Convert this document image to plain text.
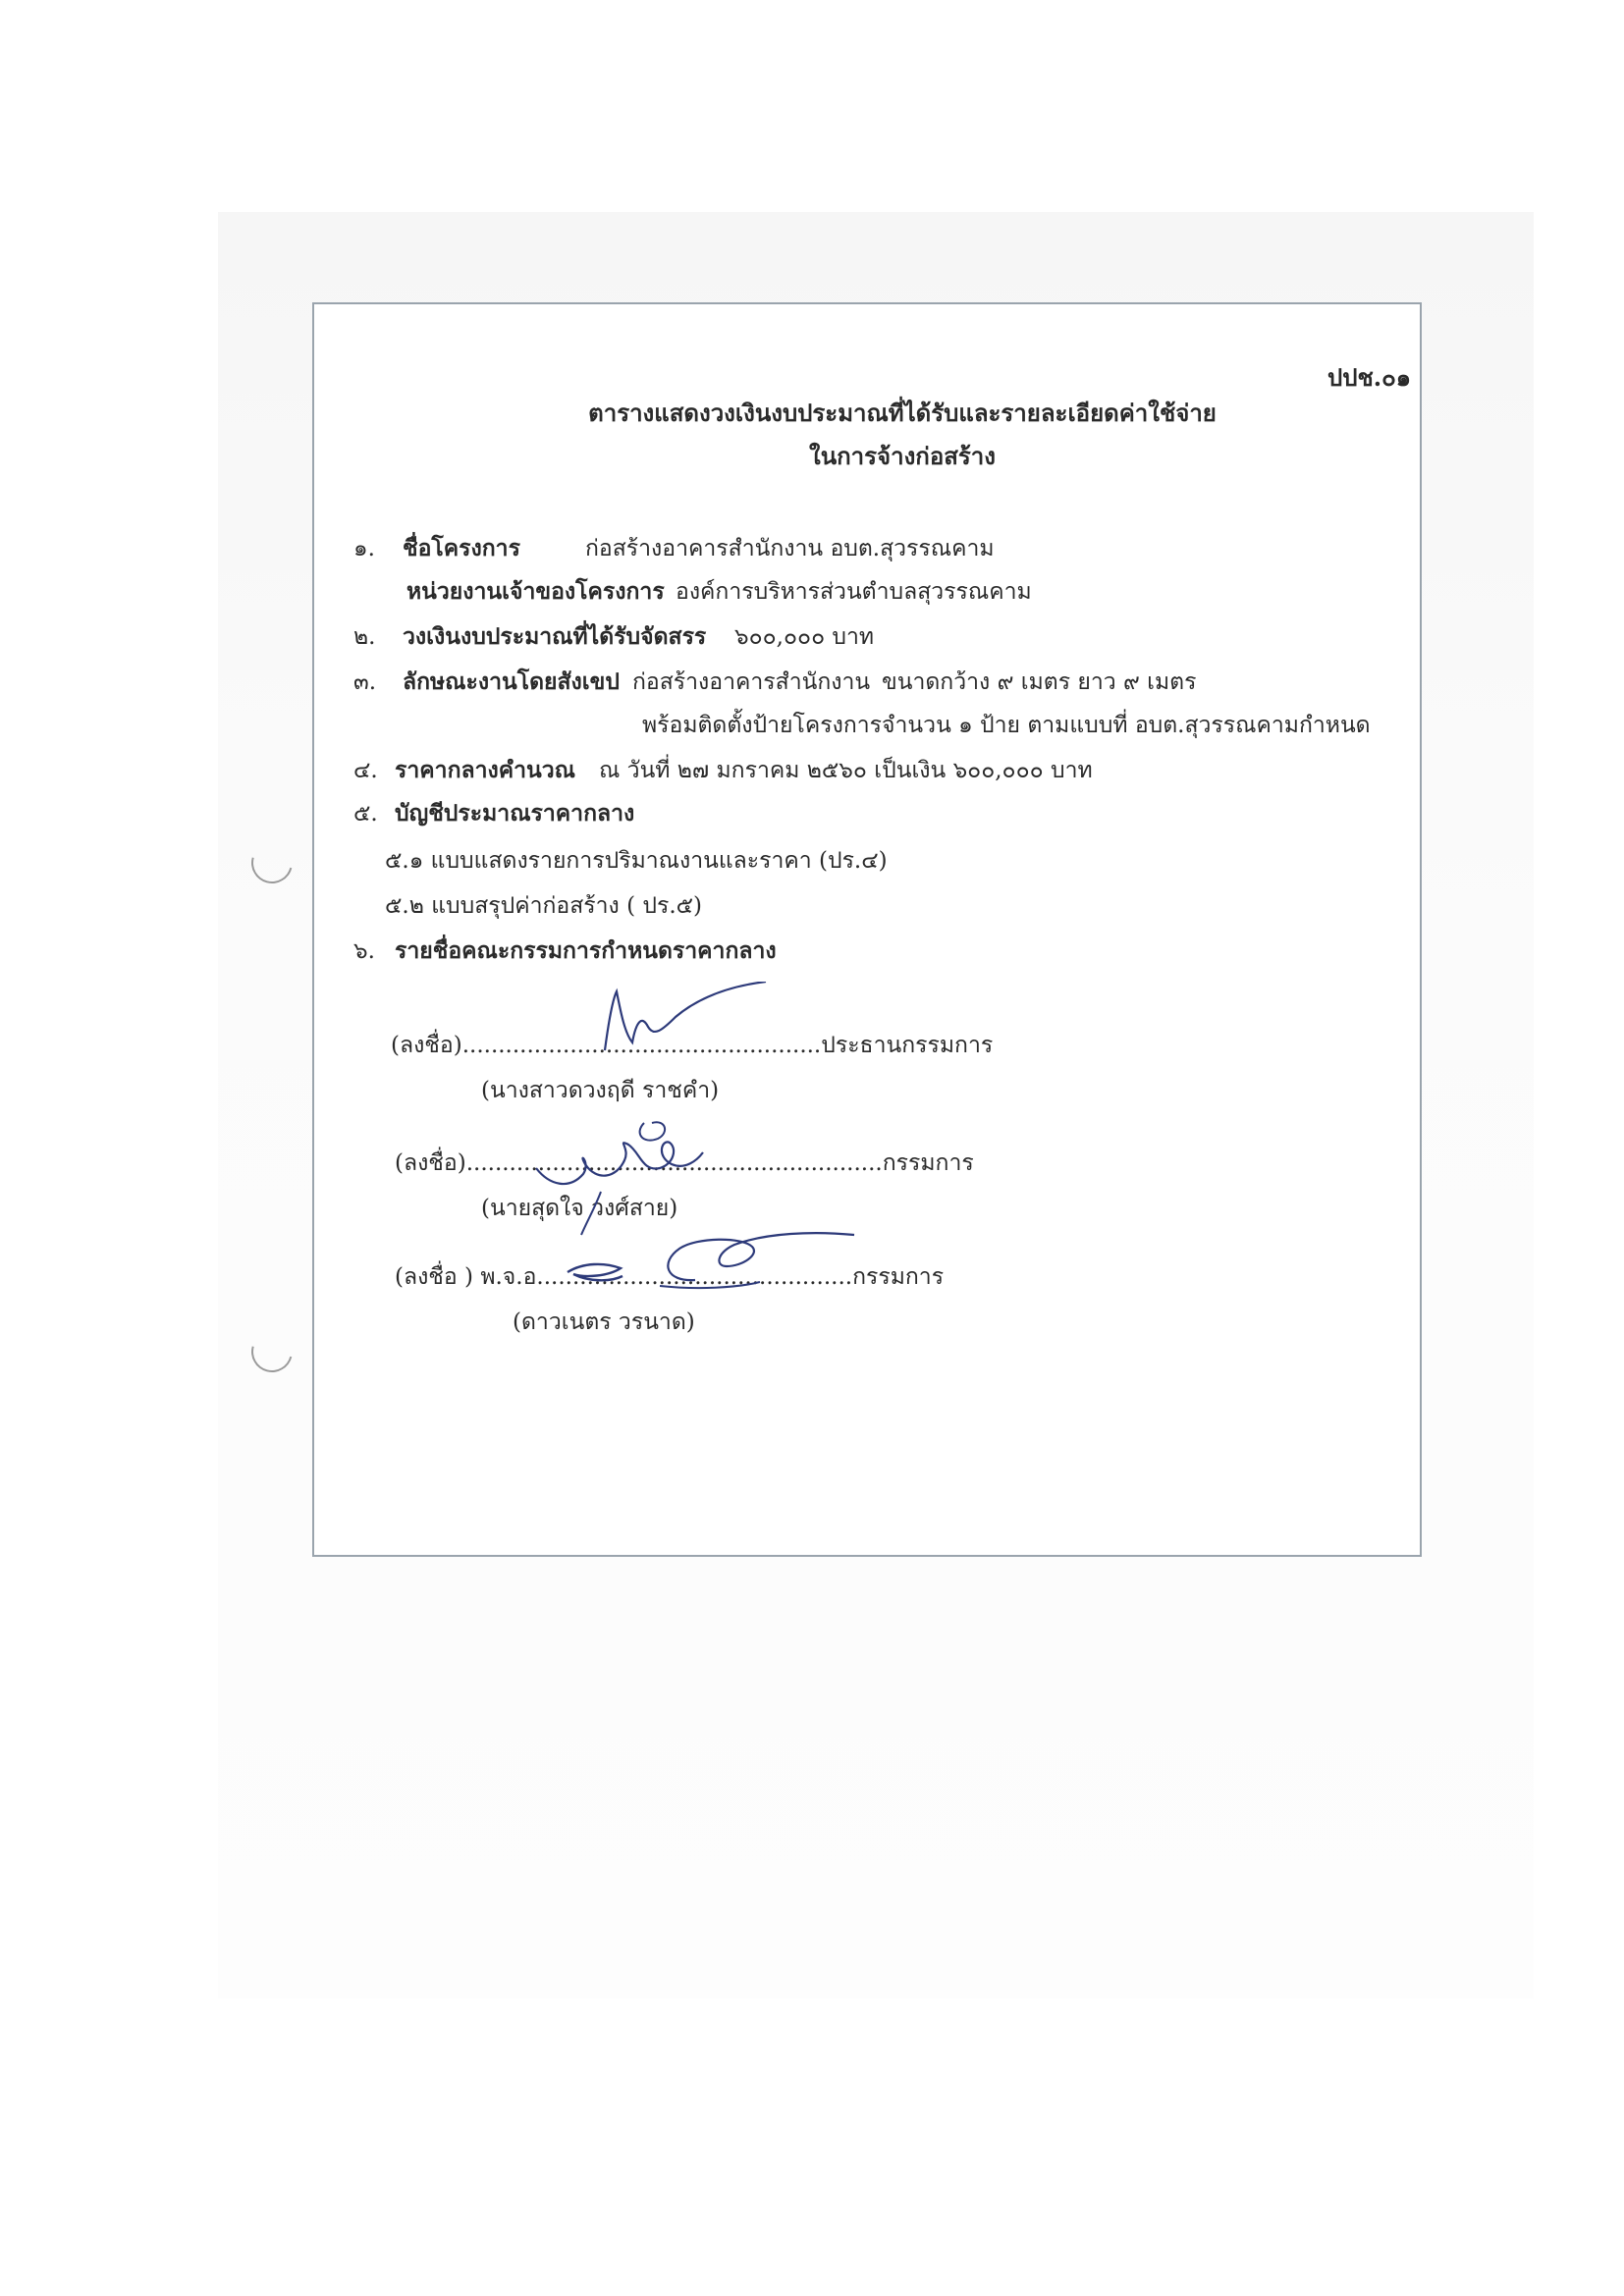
ปปช.๐๑
ตารางแสดงวงเงินงบประมาณที่ได้รับและรายละเอียดค่าใช้จ่าย
ในการจ้างก่อสร้าง
๑. ชื่อโครงการ	ก่อสร้างอาคารสำนักงาน อบต.สุวรรณคาม
หน่วยงานเจ้าของโครงการ องค์การบริหารส่วนตำบลสุวรรณคาม
๒. วงเงินงบประมาณที่ได้รับจัดสรร ๖๐๐,๐๐๐ บาท
๓. ลักษณะงานโดยสังเขป ก่อสร้างอาคารสำนักงาน ขนาดกว้าง ๙ เมตร ยาว ๙ เมตร
พร้อมติดตั้งป้ายโครงการจำนวน ๑ ป้าย ตามแบบที่ อบต.สุวรรณคามกำหนด
๔. ราคากลางคำนวณ ณ วันที่ ๒๗ มกราคม ๒๕๖๐ เป็นเงิน ๖๐๐,๐๐๐ บาท
๕. บัญชีประมาณราคากลาง
๕.๑ แบบแสดงรายการปริมาณงานและราคา (ปร.๔)
๕.๒ แบบสรุปค่าก่อสร้าง ( ปร.๕)
๖. รายชื่อคณะกรรมการกำหนดราคากลาง
(ลงชื่อ)..................................................ประธานกรรมการ
(นางสาวดวงฤดี ราชคำ)
(ลงชื่อ)..........................................................กรรมการ
(นายสุดใจ วงศ์สาย)
(ลงชื่อ ) พ.จ.อ............................................กรรมการ
(ดาวเนตร วรนาด)
